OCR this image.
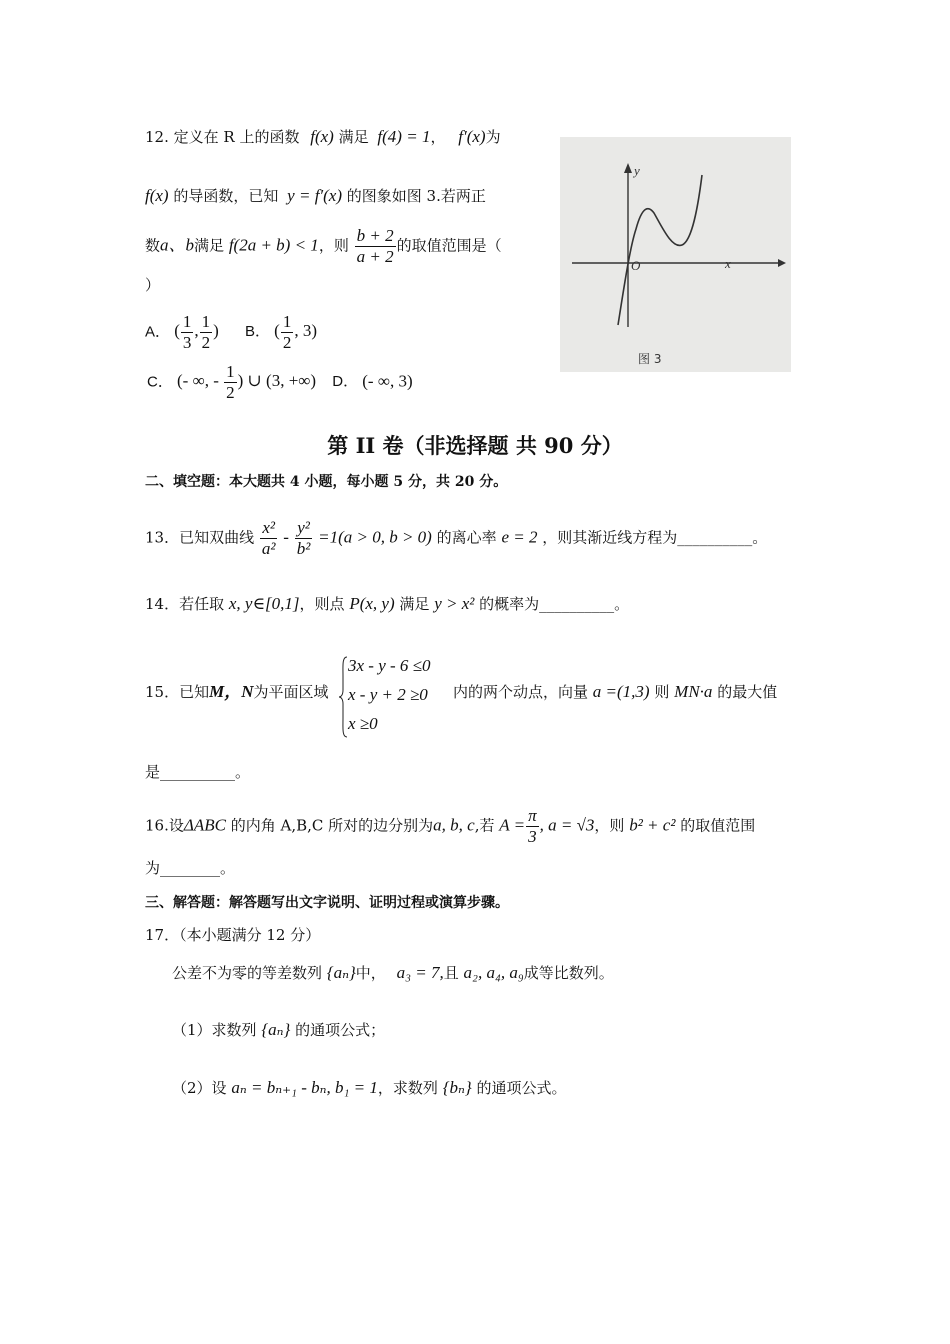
12. 定义在 R 上的函数 f(x) 满足 f(4) = 1， f′(x)为
f(x) 的导函数，已知 y = f′(x) 的图象如图 3.若两正
数a、b满足 f(2a + b) < 1，则 $\frac{b + 2}{a + 2}$ 的取值范围是（
）
A． ( $\frac{1}{3}$ , $\frac{1}{2}$ ) B． ( $\frac{1}{2}$ , 3)
C． (- ∞, - $\frac{1}{2}$ ) ∪ (3, +∞) D． (- ∞, 3)
y
x
O
图 3
第 II 卷（非选择题 共 90 分）
二、填空题：本大题共 4 小题，每小题 5 分，共 20 分。
13．已知双曲线 $\frac{\text{x²}}{\text{a²}} - \frac{\text{y²}}{\text{b²}} =1(a > 0$, b > 0) 的离心率 e = 2 ，则其渐近线方程为__________。
14．若任取 x, y∈[0,1]，则点 P(x, y) 满足 y > x² 的概率为__________。
15．已知M，N为平面区域
3x - y - 6 ≤0
x - y + 2 ≥0
x ≥0
内的两个动点，向量 a =(1,3) 则 MN·a 的最大值
是__________。
16.设ΔABC 的内角 A,B,C 所对的边分别为a, b, c,若 $A = \frac{\pi}{3}$ , a = √3，则 b² + c² 的取值范围
为________。
三、解答题：解答题写出文字说明、证明过程或演算步骤。
17．（本小题满分 12 分）
公差不为零的等差数列 {aₙ}中， a₃ = 7,且 a₂, a₄, a₉成等比数列。
（1）求数列 {aₙ} 的通项公式；
（2）设 aₙ = bₙ₊₁ - bₙ, b₁ = 1，求数列 {bₙ} 的通项公式。
